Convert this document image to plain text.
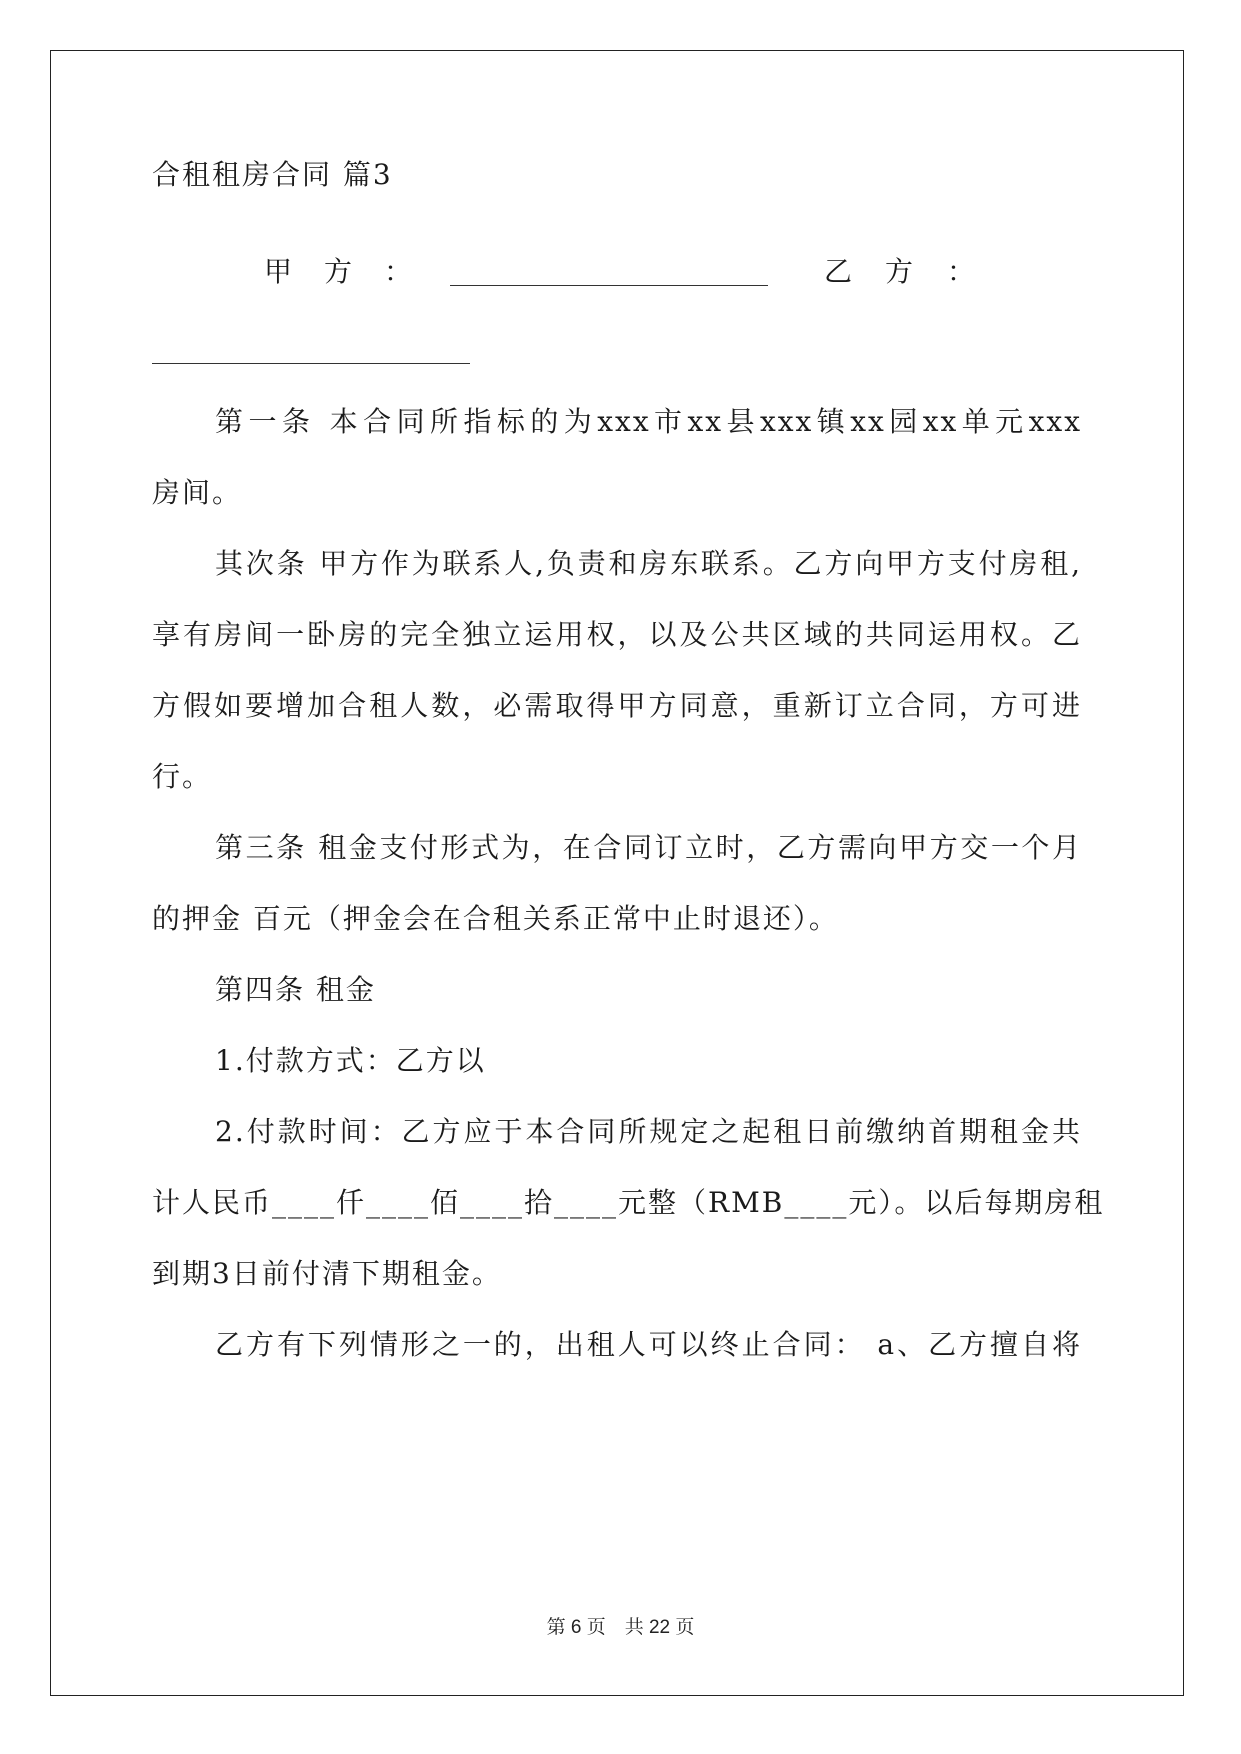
合租租房合同 篇3
甲 方 ：	乙 方 ：
第一条 本合同所指标的为xxx市xx县xxx镇xx园xx单元xxx
房间。
其次条 甲方作为联系人,负责和房东联系。乙方向甲方支付房租,
享有房间一卧房的完全独立运用权，以及公共区域的共同运用权。乙
方假如要增加合租人数，必需取得甲方同意，重新订立合同，方可进
行。
第三条 租金支付形式为，在合同订立时，乙方需向甲方交一个月
的押金 百元（押金会在合租关系正常中止时退还）。
第四条 租金
1.付款方式：乙方以
2.付款时间：乙方应于本合同所规定之起租日前缴纳首期租金共
计人民币____仟____佰____拾____元整（RMB____元）。以后每期房租
到期3日前付清下期租金。
乙方有下列情形之一的，出租人可以终止合同： a、乙方擅自将
第 6 页　共 22 页
